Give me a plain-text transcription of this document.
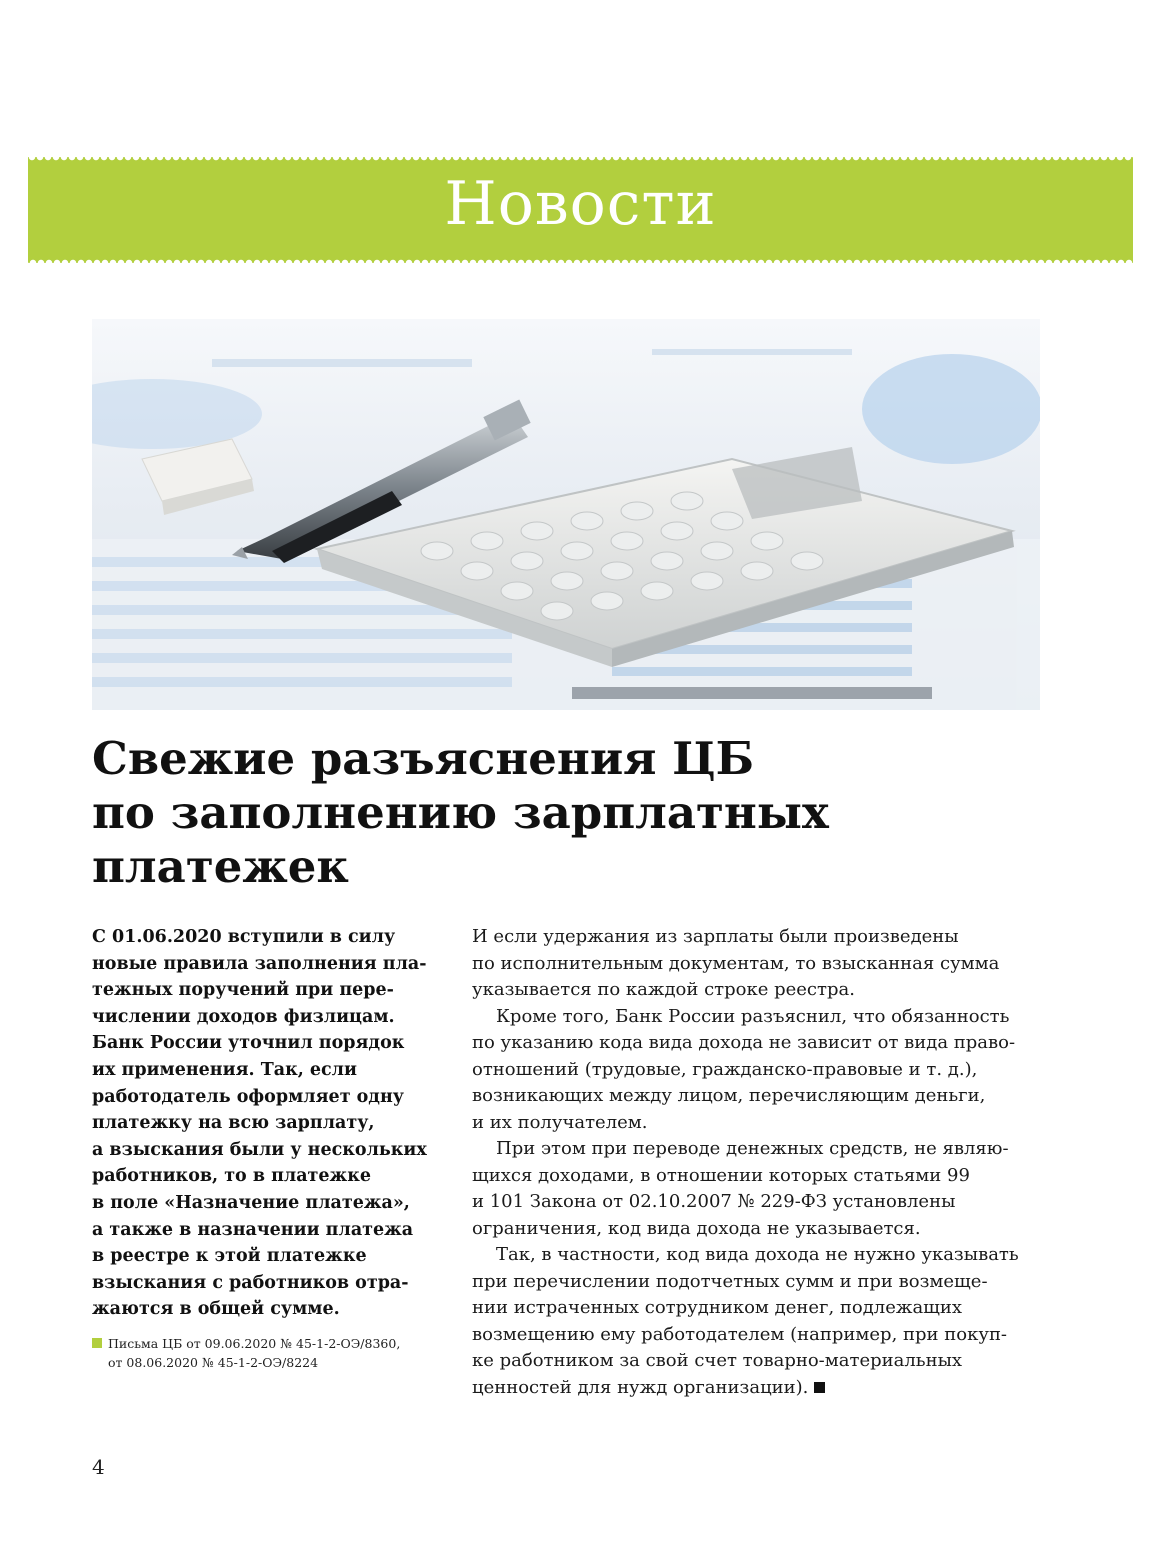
Новости
Свежие разъяснения ЦБ
по заполнению зарплатных
платежек
С 01.06.2020 вступили в силу
новые правила заполнения пла-
тежных поручений при пере-
числении доходов физлицам.
Банк России уточнил порядок
их применения. Так, если
работодатель оформляет одну
платежку на всю зарплату,
а взыскания были у нескольких
работников, то в платежке
в поле «Назначение платежа»,
а также в назначении платежа
в реестре к этой платежке
взыскания с работников отра-
жаются в общей сумме.
Письма ЦБ от 09.06.2020 № 45-1-2-ОЭ/8360,
от 08.06.2020 № 45-1-2-ОЭ/8224
И если удержания из зарплаты были произведены
по исполнительным документам, то взысканная сумма
указывается по каждой строке реестра.
Кроме того, Банк России разъяснил, что обязанность
по указанию кода вида дохода не зависит от вида право-
отношений (трудовые, гражданско-правовые и т. д.),
возникающих между лицом, перечисляющим деньги,
и их получателем.
При этом при переводе денежных средств, не являю-
щихся доходами, в отношении которых статьями 99
и 101 Закона от 02.10.2007 № 229-ФЗ установлены
ограничения, код вида дохода не указывается.
Так, в частности, код вида дохода не нужно указывать
при перечислении подотчетных сумм и при возмеще-
нии истраченных сотрудником денег, подлежащих
возмещению ему работодателем (например, при покуп-
ке работником за свой счет товарно-материальных
ценностей для нужд организации).
4
